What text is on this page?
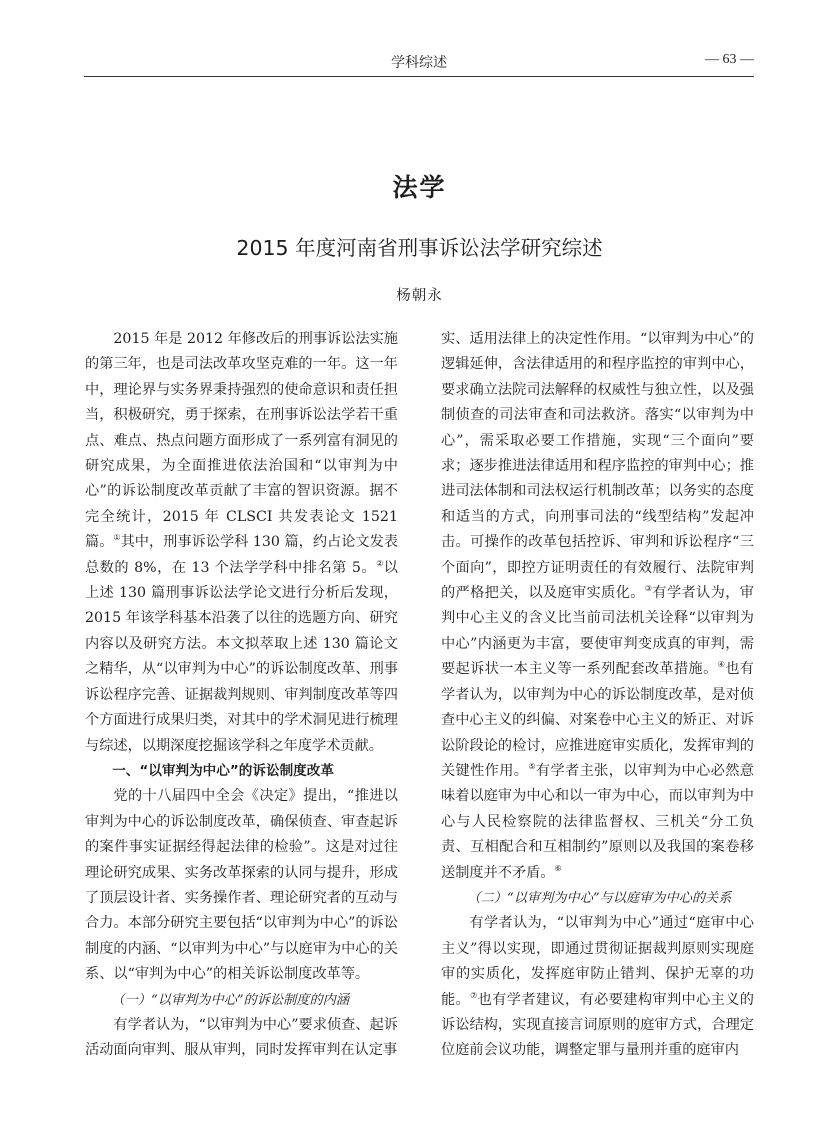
学科综述	— 63 —
法学
2015 年度河南省刑事诉讼法学研究综述
杨朝永

2015 年是 2012 年修改后的刑事诉讼法实施的第三年，也是司法改革攻坚克难的一年。这一年中，理论界与实务界秉持强烈的使命意识和责任担当，积极研究，勇于探索，在刑事诉讼法学若干重点、难点、热点问题方面形成了一系列富有洞见的研究成果，为全面推进依法治国和“以审判为中心”的诉讼制度改革贡献了丰富的智识资源。据不完全统计，2015 年 CLSCI 共发表论文 1521 篇。①其中，刑事诉讼学科 130 篇，约占论文发表总数的 8%，在 13 个法学学科中排名第 5。②以上述 130 篇刑事诉讼法学论文进行分析后发现，2015 年该学科基本沿袭了以往的选题方向、研究内容以及研究方法。本文拟萃取上述 130 篇论文之精华，从“以审判为中心”的诉讼制度改革、刑事诉讼程序完善、证据裁判规则、审判制度改革等四个方面进行成果归类，对其中的学术洞见进行梳理与综述，以期深度挖掘该学科之年度学术贡献。

一、“以审判为中心”的诉讼制度改革

党的十八届四中全会《决定》提出，“推进以审判为中心的诉讼制度改革，确保侦查、审查起诉的案件事实证据经得起法律的检验”。这是对过往理论研究成果、实务改革探索的认同与提升，形成了顶层设计者、实务操作者、理论研究者的互动与合力。本部分研究主要包括“以审判为中心”的诉讼制度的内涵、“以审判为中心”与以庭审为中心的关系、以“审判为中心”的相关诉讼制度改革等。

（一）“以审判为中心”的诉讼制度的内涵

有学者认为，“以审判为中心”要求侦查、起诉活动面向审判、服从审判，同时发挥审判在认定事

实、适用法律上的决定性作用。“以审判为中心”的逻辑延伸，含法律适用的和程序监控的审判中心，要求确立法院司法解释的权威性与独立性，以及强制侦查的司法审查和司法救济。落实“以审判为中心”，需采取必要工作措施，实现“三个面向”要求；逐步推进法律适用和程序监控的审判中心；推进司法体制和司法权运行机制改革；以务实的态度和适当的方式，向刑事司法的“线型结构”发起冲击。可操作的改革包括控诉、审判和诉讼程序“三个面向”，即控方证明责任的有效履行、法院审判的严格把关，以及庭审实质化。③有学者认为，审判中心主义的含义比当前司法机关诠释“以审判为中心”内涵更为丰富，要使审判变成真的审判，需要起诉状一本主义等一系列配套改革措施。④也有学者认为，以审判为中心的诉讼制度改革，是对侦查中心主义的纠偏、对案卷中心主义的矫正、对诉讼阶段论的检讨，应推进庭审实质化，发挥审判的关键性作用。⑤有学者主张，以审判为中心必然意味着以庭审为中心和以一审为中心，而以审判为中心与人民检察院的法律监督权、三机关“分工负责、互相配合和互相制约”原则以及我国的案卷移送制度并不矛盾。⑥

（二）“以审判为中心”与以庭审为中心的关系

有学者认为，“以审判为中心”通过“庭审中心主义”得以实现，即通过贯彻证据裁判原则实现庭审的实质化，发挥庭审防止错判、保护无辜的功能。⑦也有学者建议，有必要建构审判中心主义的诉讼结构，实现直接言词原则的庭审方式，合理定位庭前会议功能，调整定罪与量刑并重的庭审内
